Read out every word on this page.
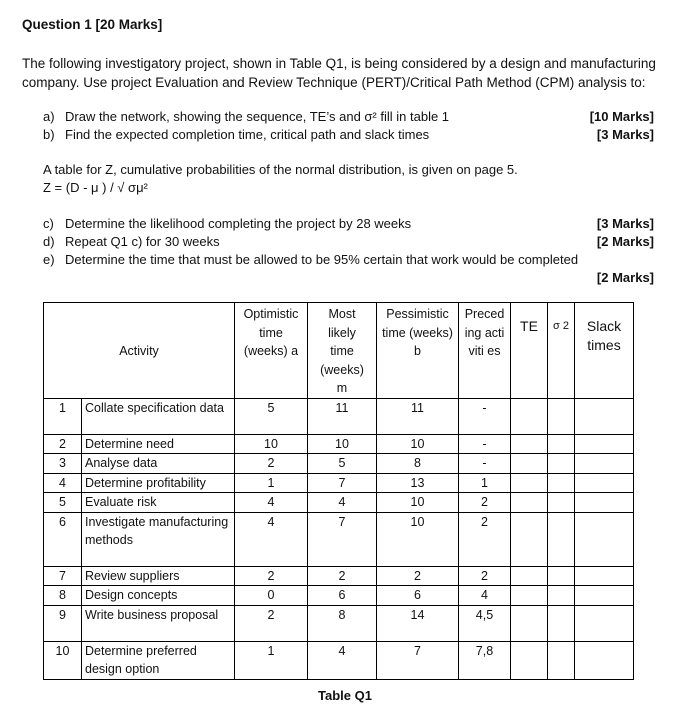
Question 1 [20 Marks]
The following investigatory project, shown in Table Q1, is being considered by a design and manufacturing company. Use project Evaluation and Review Technique (PERT)/Critical Path Method (CPM) analysis to:
a) Draw the network, showing the sequence, TE’s and σ² fill in table 1	[10 Marks]
b) Find the expected completion time, critical path and slack times	[3 Marks]
A table for Z, cumulative probabilities of the normal distribution, is given on page 5.
Z = (D - μ ) / √ σμ²
c) Determine the likelihood completing the project by 28 weeks	[3 Marks]
d) Repeat Q1 c) for 30 weeks	[2 Marks]
e) Determine the time that must be allowed to be 95% certain that work would be completed
[2 Marks]
Activity		Optimistic time (weeks) a	Most likely time (weeks) m	Pessimistic time (weeks) b	Preced ing activiti es	TE	σ 2	Slack times
1	Collate specification data	5	11	11	-			
2	Determine need	10	10	10	-			
3	Analyse data	2	5	8	-			
4	Determine profitability	1	7	13	1			
5	Evaluate risk	4	4	10	2			
6	Investigate manufacturing methods	4	7	10	2			
7	Review suppliers	2	2	2	2			
8	Design concepts	0	6	6	4			
9	Write business proposal	2	8	14	4,5			
10	Determine preferred design option	1	4	7	7,8			
Table Q1
